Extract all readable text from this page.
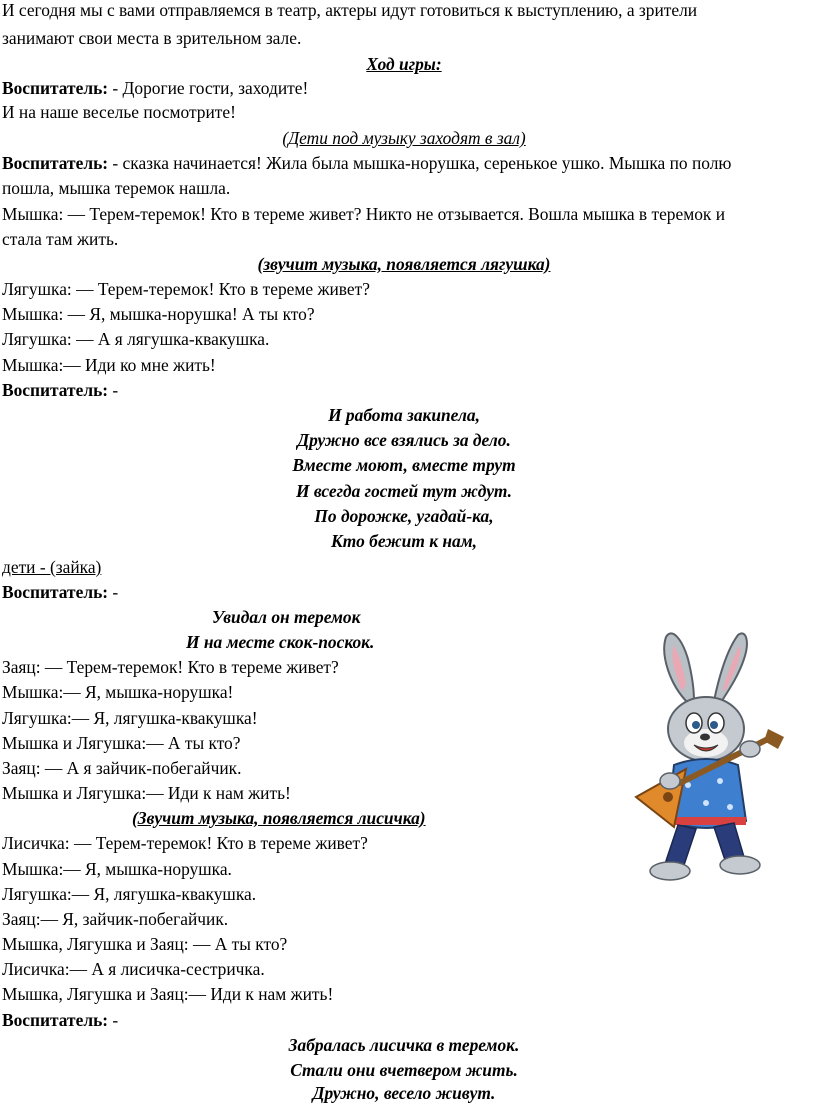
И сегодня мы с вами отправляемся в театр, актеры идут готовиться к выступлению, а зрители
занимают свои места в зрительном зале.
Ход игры:
Воспитатель: - Дорогие гости, заходите!
И на наше веселье посмотрите!
(Дети под музыку заходят в зал)
Воспитатель: - сказка начинается! Жила была мышка-норушка, серенькое ушко. Мышка по полю
пошла, мышка теремок нашла.
Мышка: — Терем-теремок! Кто в тереме живет? Никто не отзывается. Вошла мышка в теремок и
стала там жить.
(звучит музыка, появляется лягушка)
Лягушка: — Терем-теремок! Кто в тереме живет?
Мышка: — Я, мышка-норушка! А ты кто?
Лягушка: — А я лягушка-квакушка.
Мышка:— Иди ко мне жить!
Воспитатель: -
И работа закипела,
Дружно все взялись за дело.
Вместе моют, вместе трут
И всегда гостей тут ждут.
По дорожке, угадай-ка,
Кто бежит к нам,
дети - (зайка)
Воспитатель: -
Увидал он теремок
И на месте скок-поскок.
Заяц: — Терем-теремок! Кто в тереме живет?
Мышка:— Я, мышка-норушка!
Лягушка:— Я, лягушка-квакушка!
Мышка и Лягушка:— А ты кто?
Заяц: — А я зайчик-побегайчик.
Мышка и Лягушка:— Иди к нам жить!
(Звучит музыка, появляется лисичка)
Лисичка: — Терем-теремок! Кто в тереме живет?
Мышка:— Я, мышка-норушка.
Лягушка:— Я, лягушка-квакушка.
Заяц:— Я, зайчик-побегайчик.
Мышка, Лягушка и Заяц: — А ты кто?
Лисичка:— А я лисичка-сестричка.
Мышка, Лягушка и Заяц:— Иди к нам жить!
Воспитатель: -
Забралась лисичка в теремок.
Стали они вчетвером жить.
Дружно, весело живут.
